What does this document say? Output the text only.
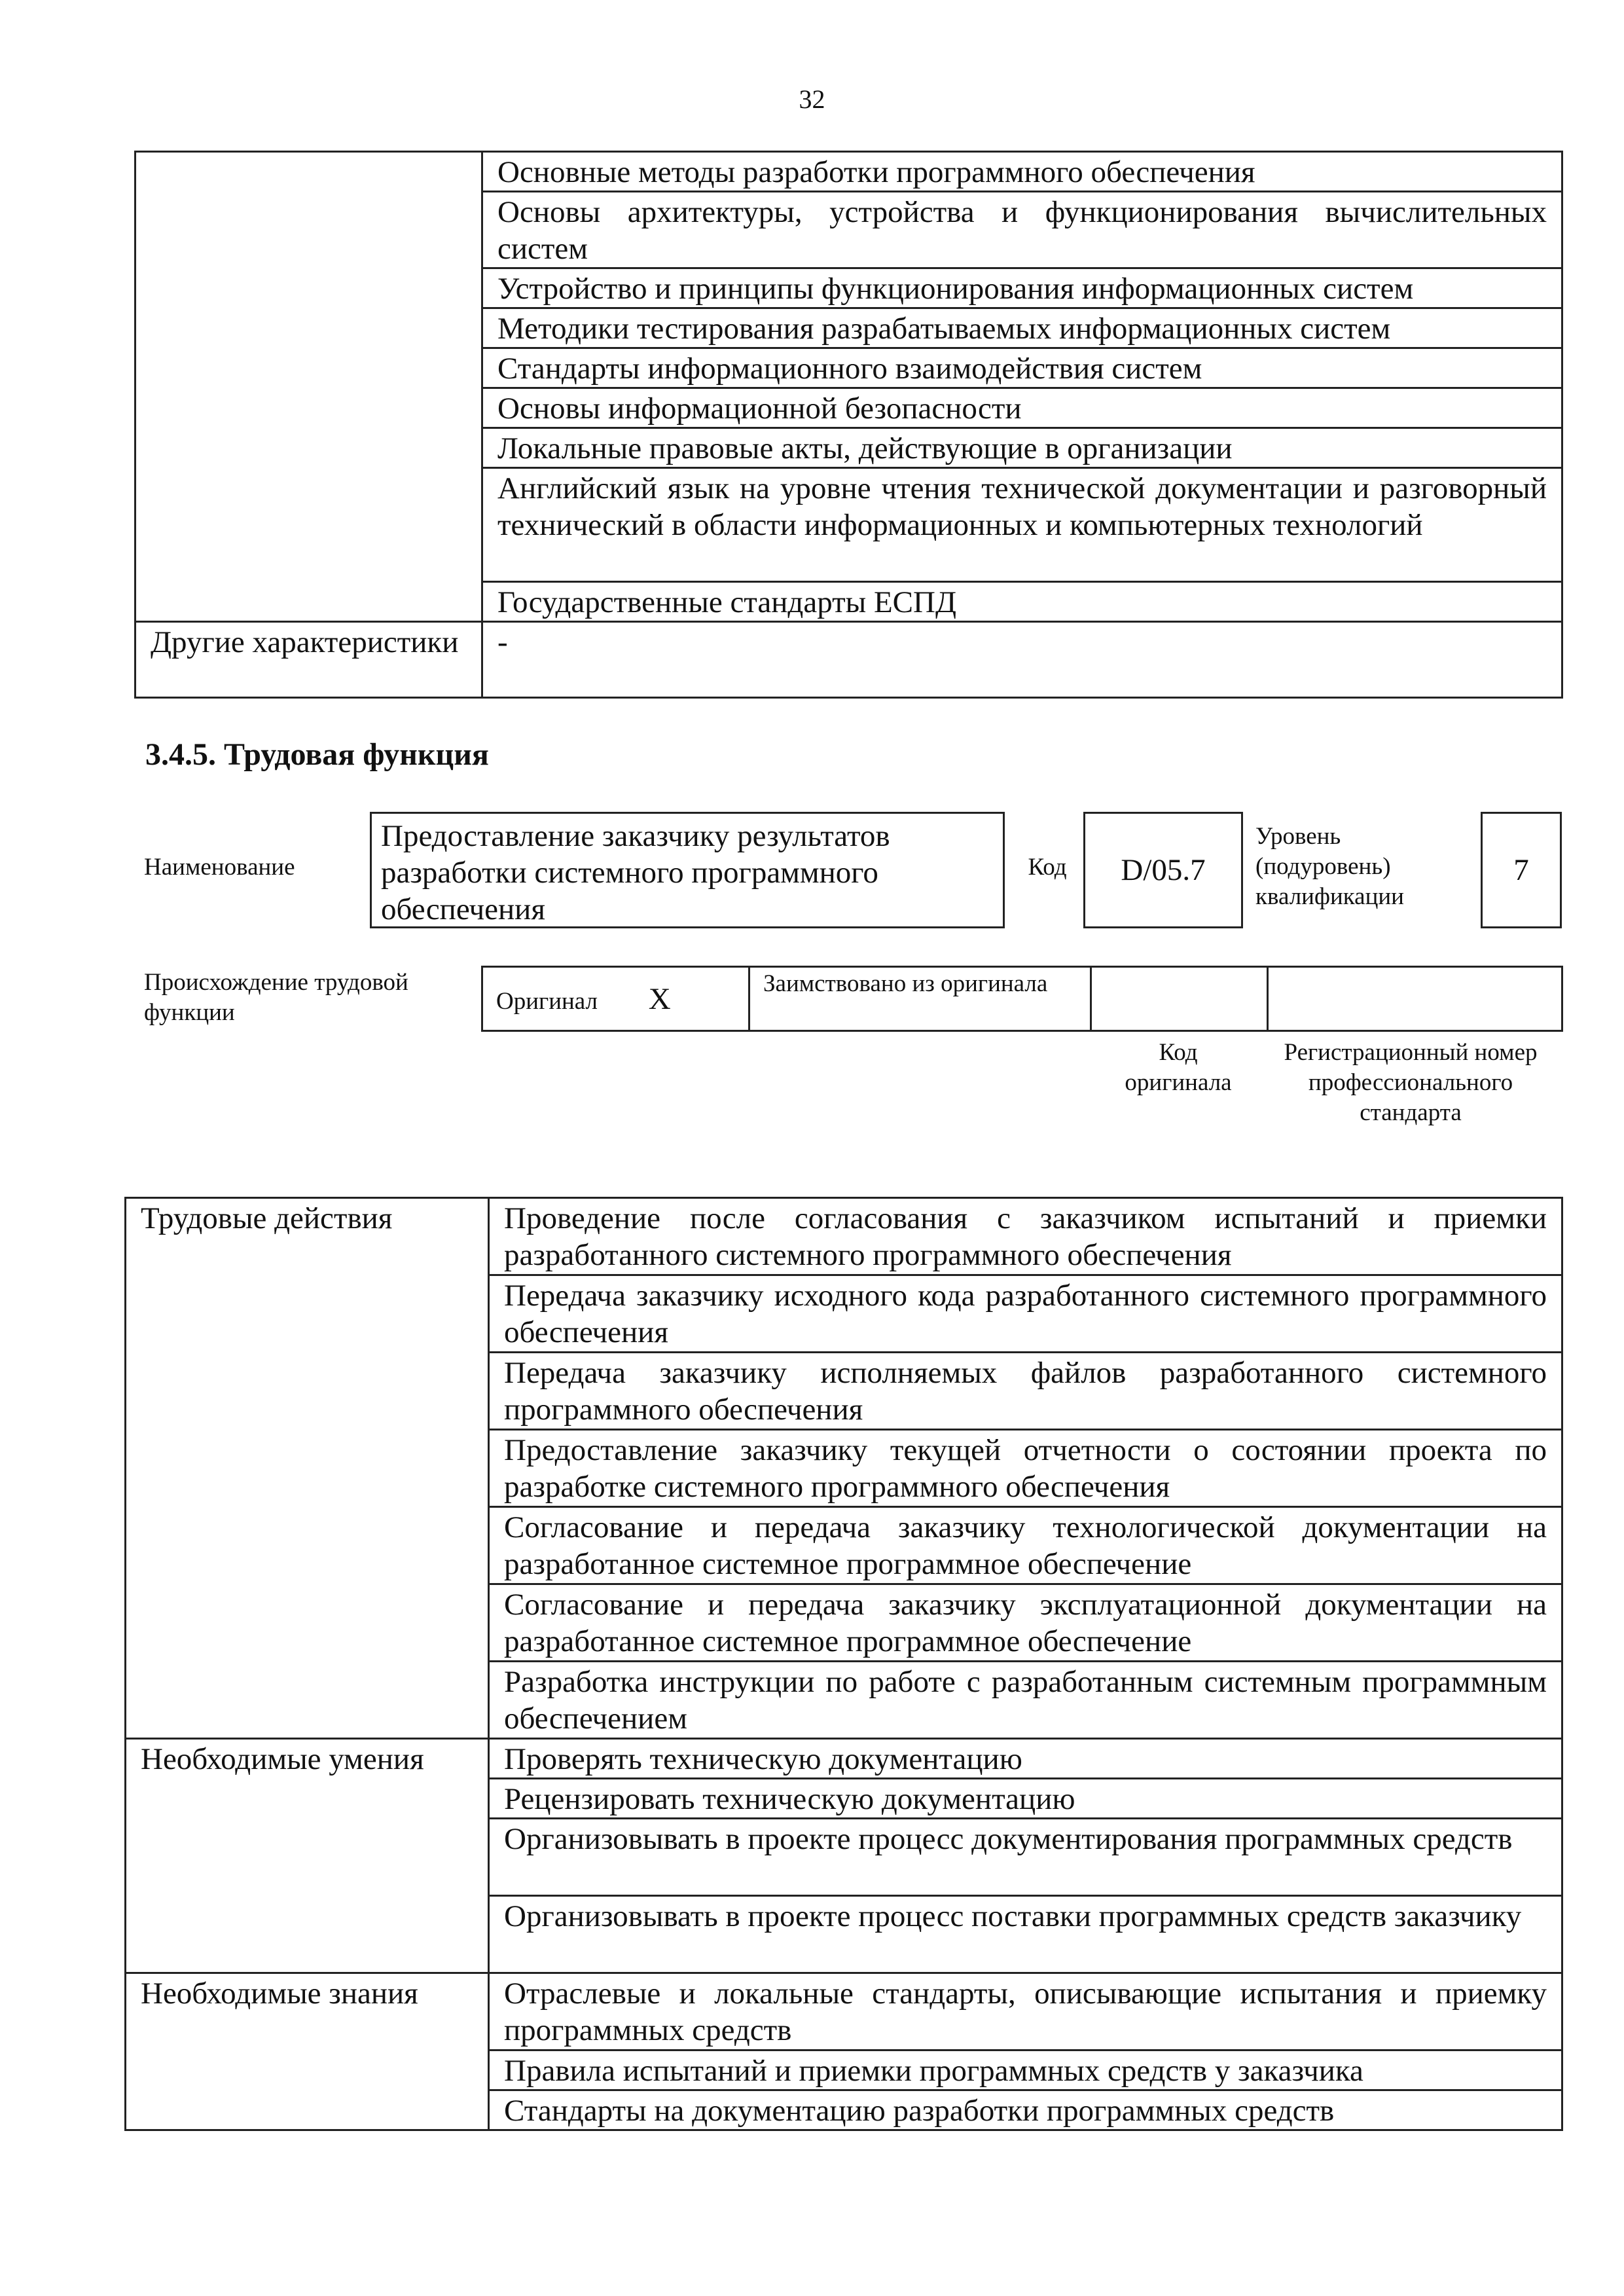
32
	Основные методы разработки программного обеспечения
	Основы архитектуры, устройства и функционирования вычислительных систем
	Устройство и принципы функционирования информационных систем
	Методики тестирования разрабатываемых информационных систем
	Стандарты информационного взаимодействия систем
	Основы информационной безопасности
	Локальные правовые акты, действующие в организации
	Английский язык на уровне чтения технической документации и разговорный технический в области информационных и компьютерных технологий
	Государственные стандарты ЕСПД
Другие характеристики	-
3.4.5. Трудовая функция
Наименование
Предоставление заказчику результатов разработки системного программного обеспечения
Код	D/05.7
Уровень (подуровень) квалификации
7
Происхождение трудовой функции	Оригинал X	Заимствовано из оригинала		
Код оригинала
Регистрационный номер профессионального стандарта
Трудовые действия	Проведение после согласования с заказчиком испытаний и приемки разработанного системного программного обеспечения
	Передача заказчику исходного кода разработанного системного программного обеспечения
	Передача заказчику исполняемых файлов разработанного системного программного обеспечения
	Предоставление заказчику текущей отчетности о состоянии проекта по разработке системного программного обеспечения
	Согласование и передача заказчику технологической документации на разработанное системное программное обеспечение
	Согласование и передача заказчику эксплуатационной документации на разработанное системное программное обеспечение
	Разработка инструкции по работе с разработанным системным программным обеспечением
Необходимые умения	Проверять техническую документацию
	Рецензировать техническую документацию
	Организовывать в проекте процесс документирования программных средств
	Организовывать в проекте процесс поставки программных средств заказчику
Необходимые знания	Отраслевые и локальные стандарты, описывающие испытания и приемку программных средств
	Правила испытаний и приемки программных средств у заказчика
	Стандарты на документацию разработки программных средств
